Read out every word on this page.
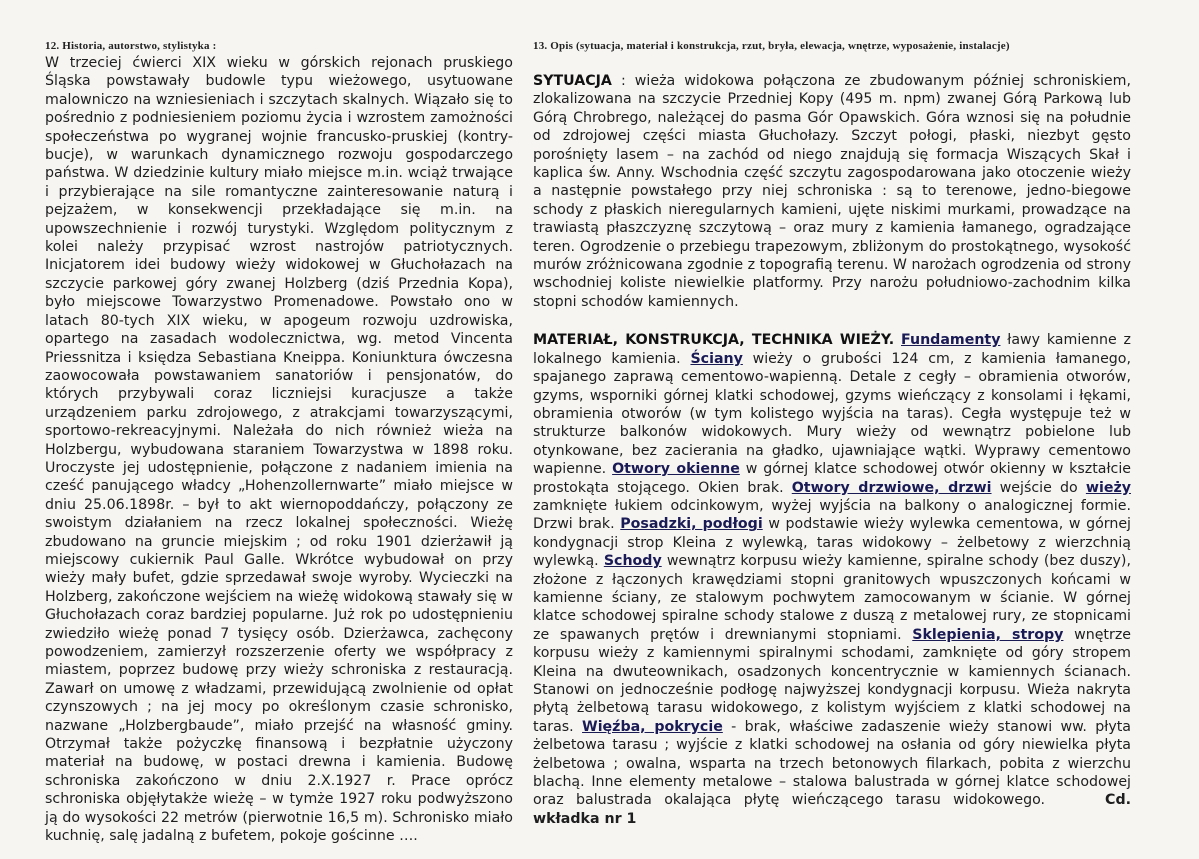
12. Historia, autorstwo, stylistyka :

W trzeciej ćwierci XIX wieku w górskich rejonach pruskiego Śląska powstawały budowle typu wieżowego, usytuowane malowniczo na wzniesieniach i szczytach skalnych. Wiązało się to pośrednio z podniesieniem poziomu życia i wzrostem zamożności społeczeństwa po wygranej wojnie francusko-pruskiej (kontry-bucje), w warunkach dynamicznego rozwoju gospodarczego państwa. W dziedzinie kultury miało miejsce m.in. wciąż trwające i przybierające na sile romantyczne zainteresowanie naturą i pejzażem, w konsekwencji przekładające się m.in. na upowszechnienie i rozwój turystyki. Względom politycznym z kolei należy przypisać wzrost nastrojów patriotycznych. Inicjatorem idei budowy wieży widokowej w Głuchołazach na szczycie parkowej góry zwanej Holzberg (dziś Przednia Kopa), było miejscowe Towarzystwo Promenadowe. Powstało ono w latach 80-tych XIX wieku, w apogeum rozwoju uzdrowiska, opartego na zasadach wodolecznictwa, wg. metod Vincenta Priessnitza i księdza Sebastiana Kneippa. Koniunktura ówczesna zaowocowała powstawaniem sanatoriów i pensjonatów, do których przybywali coraz liczniejsi kuracjusze a także urządzeniem parku zdrojowego, z atrakcjami towarzyszącymi, sportowo-rekreacyjnymi. Należała do nich również wieża na Holzbergu, wybudowana staraniem Towarzystwa w 1898 roku. Uroczyste jej udostępnienie, połączone z nadaniem imienia na cześć panującego władcy „Hohenzollernwarte” miało miejsce w dniu 25.06.1898r. – był to akt wiernopoddańczy, połączony ze swoistym działaniem na rzecz lokalnej społeczności. Wieżę zbudowano na gruncie miejskim ; od roku 1901 dzierżawił ją miejscowy cukiernik Paul Galle. Wkrótce wybudował on przy wieży mały bufet, gdzie sprzedawał swoje wyroby. Wycieczki na Holzberg, zakończone wejściem na wieżę widokową stawały się w Głuchołazach coraz bardziej popularne. Już rok po udostępnieniu zwiedziło wieżę ponad 7 tysięcy osób. Dzierżawca, zachęcony powodzeniem, zamierzył rozszerzenie oferty we współpracy z miastem, poprzez budowę przy wieży schroniska z restauracją. Zawarł on umowę z władzami, przewidującą zwolnienie od opłat czynszowych ; na jej mocy po określonym czasie schronisko, nazwane „Holzbergbaude”, miało przejść na własność gminy. Otrzymał także pożyczkę finansową i bezpłatnie użyczony materiał na budowę, w postaci drewna i kamienia. Budowę schroniska zakończono w dniu 2.X.1927 r. Prace oprócz schroniska objęłytakże wieżę – w tymże 1927 roku podwyższono ją do wysokości 22 metrów (pierwotnie 16,5 m). Schronisko miało kuchnię, salę jadalną z bufetem, pokoje gościnne ….

13. Opis (sytuacja, materiał i konstrukcja, rzut, bryła, elewacja, wnętrze, wyposażenie, instalacje)

SYTUACJA : wieża widokowa połączona ze zbudowanym później schroniskiem, zlokalizowana na szczycie Przedniej Kopy (495 m. npm) zwanej Górą Parkową lub Górą Chrobrego, należącej do pasma Gór Opawskich. Góra wznosi się na południe od zdrojowej części miasta Głuchołazy. Szczyt połogi, płaski, niezbyt gęsto porośnięty lasem – na zachód od niego znajdują się formacja Wiszących Skał i kaplica św. Anny. Wschodnia część szczytu zagospodarowana jako otoczenie wieży a następnie powstałego przy niej schroniska : są to terenowe, jedno-biegowe schody z płaskich nieregularnych kamieni, ujęte niskimi murkami, prowadzące na trawiastą płaszczyznę szczytową – oraz mury z kamienia łamanego, ogradzające teren. Ogrodzenie o przebiegu trapezowym, zbliżonym do prostokątnego, wysokość murów zróżnicowana zgodnie z topografią terenu. W narożach ogrodzenia od strony wschodniej koliste niewielkie platformy. Przy narożu południowo-zachodnim kilka stopni schodów kamiennych.

MATERIAŁ, KONSTRUKCJA, TECHNIKA WIEŻY. Fundamenty ławy kamienne z lokalnego kamienia. Ściany wieży o grubości 124 cm, z kamienia łamanego, spajanego zaprawą cementowo-wapienną. Detale z cegły – obramienia otworów, gzyms, wsporniki górnej klatki schodowej, gzyms wieńczący z konsolami i łękami, obramienia otworów (w tym kolistego wyjścia na taras). Cegła występuje też w strukturze balkonów widokowych. Mury wieży od wewnątrz pobielone lub otynkowane, bez zacierania na gładko, ujawniające wątki. Wyprawy cementowo wapienne. Otwory okienne w górnej klatce schodowej otwór okienny w kształcie prostokąta stojącego. Okien brak. Otwory drzwiowe, drzwi wejście do wieży zamknięte łukiem odcinkowym, wyżej wyjścia na balkony o analogicznej formie. Drzwi brak. Posadzki, podłogi w podstawie wieży wylewka cementowa, w górnej kondygnacji strop Kleina z wylewką, taras widokowy – żelbetowy z wierzchnią wylewką. Schody wewnątrz korpusu wieży kamienne, spiralne schody (bez duszy), złożone z łączonych krawędziami stopni granitowych wpuszczonych końcami w kamienne ściany, ze stalowym pochwytem zamocowanym w ścianie. W górnej klatce schodowej spiralne schody stalowe z duszą z metalowej rury, ze stopnicami ze spawanych prętów i drewnianymi stopniami. Sklepienia, stropy wnętrze korpusu wieży z kamiennymi spiralnymi schodami, zamknięte od góry stropem Kleina na dwuteownikach, osadzonych koncentrycznie w kamiennych ścianach. Stanowi on jednocześnie podłogę najwyższej kondygnacji korpusu. Wieża nakryta płytą żelbetową tarasu widokowego, z kolistym wyjściem z klatki schodowej na taras. Więźba, pokrycie - brak, właściwe zadaszenie wieży stanowi ww. płyta żelbetowa tarasu ; wyjście z klatki schodowej na osłania od góry niewielka płyta żelbetowa ; owalna, wsparta na trzech betonowych filarkach, pobita z wierzchu blachą. Inne elementy metalowe – stalowa balustrada w górnej klatce schodowej oraz balustrada okalająca płytę wieńczącego tarasu widokowego.	Cd. wkładka nr 1
